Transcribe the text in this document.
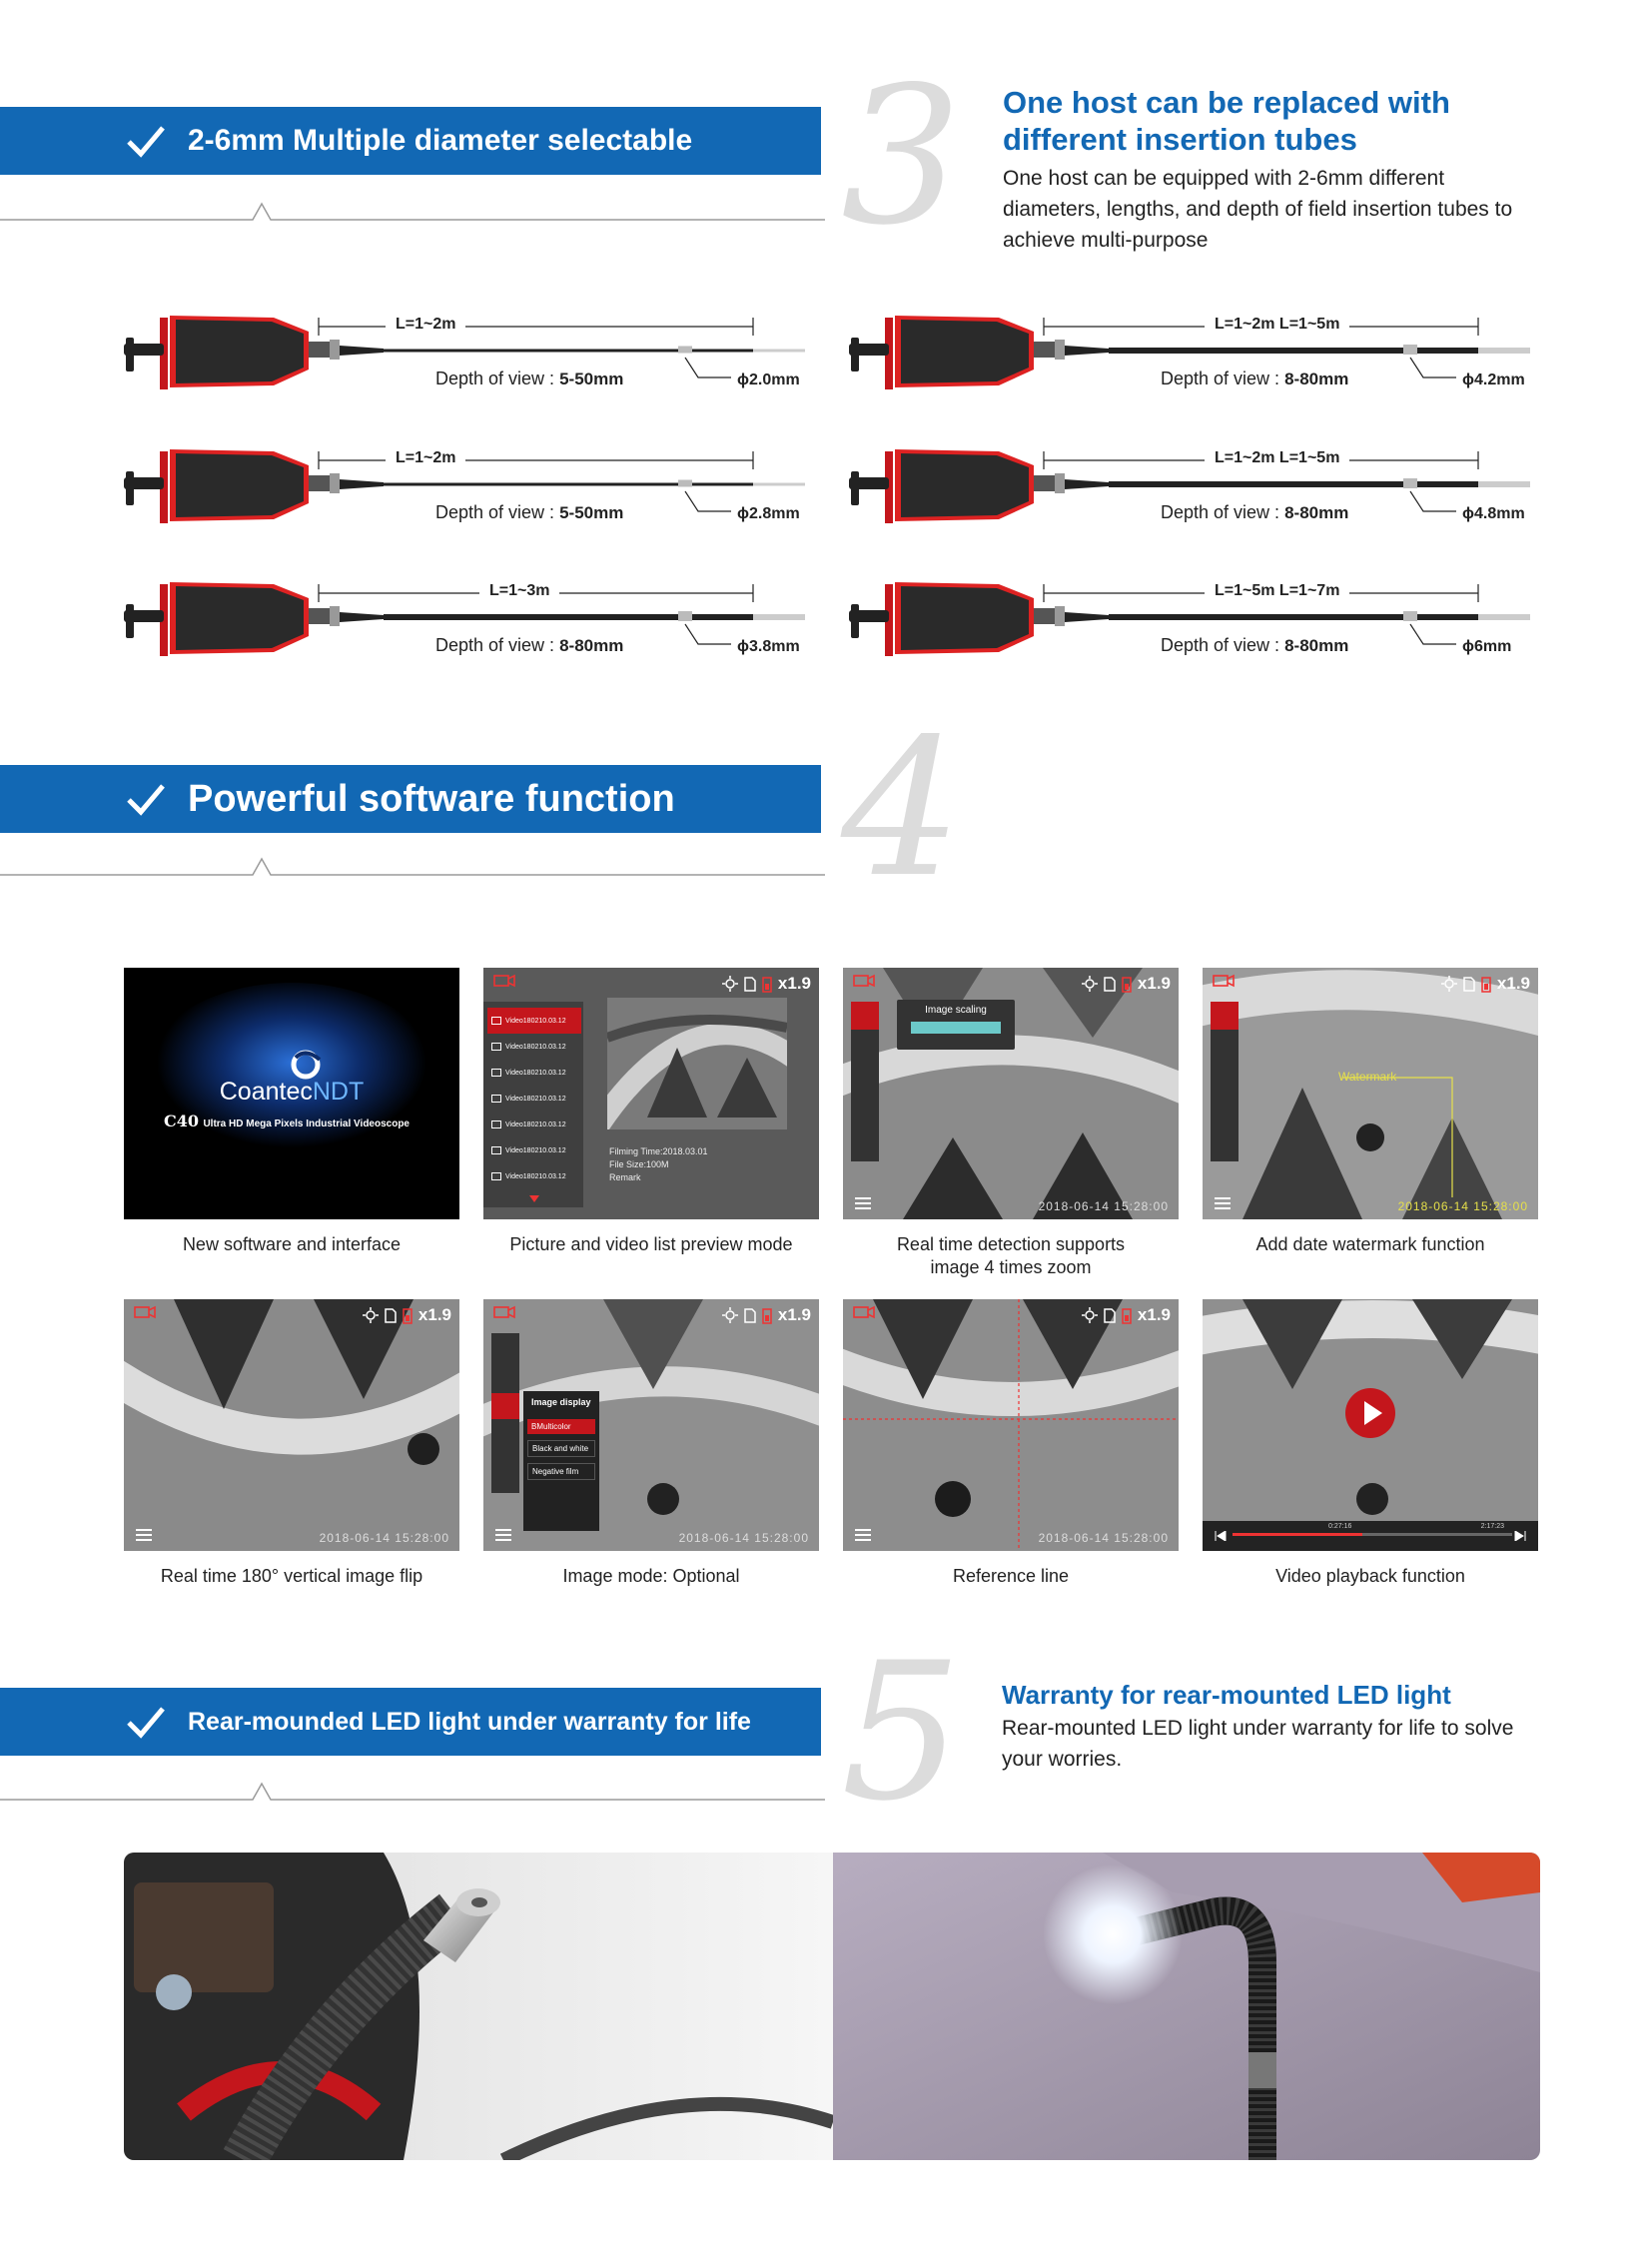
2-6mm Multiple diameter selectable 3 One host can be replaced with
different insertion tubes
One host can be equipped with 2-6mm different
diameters, lengths, and depth of field insertion tubes to
achieve multi-purpose
L=1~2m
Depth of view : 5-50mm	ϕ2.0mm
L=1~2m L=1~5m
Depth of view : 8-80mm	ϕ4.2mm
L=1~2m
Depth of view : 5-50mm	ϕ2.8mm
L=1~2m L=1~5m
Depth of view : 8-80mm	ϕ4.8mm
L=1~3m
Depth of view : 8-80mm	ϕ3.8mm
L=1~5m L=1~7m
Depth of view : 8-80mm	ϕ6mm
Powerful software function 4
CoantecNDT
C40 Ultra HD Mega Pixels Industrial Videoscope
x1.9
Video180210.03.12
Video180210.03.12
Video180210.03.12
Video180210.03.12
Video180210.03.12
Video180210.03.12
Video180210.03.12
Filming Time:2018.03.01
File Size:100M
Remark
x1.9
Image scaling
2018-06-14 15:28:00
x1.9
Watermark
2018-06-14 15:28:00
New software and interface	Picture and video list preview mode	Real time detection supports
image 4 times zoom
Add date watermark function
x1.9
2018-06-14 15:28:00
x1.9
Image display
BMulticolor
Black and white
Negative film
2018-06-14 15:28:00
x1.9
2018-06-14 15:28:00
0:27:16	2:17:23
Real time 180° vertical image flip	Image mode: Optional	Reference line	Video playback function
Rear-mounded LED light under warranty for life 5 Warranty for rear-mounted LED light
Rear-mounted LED light under warranty for life to solve
your worries.
